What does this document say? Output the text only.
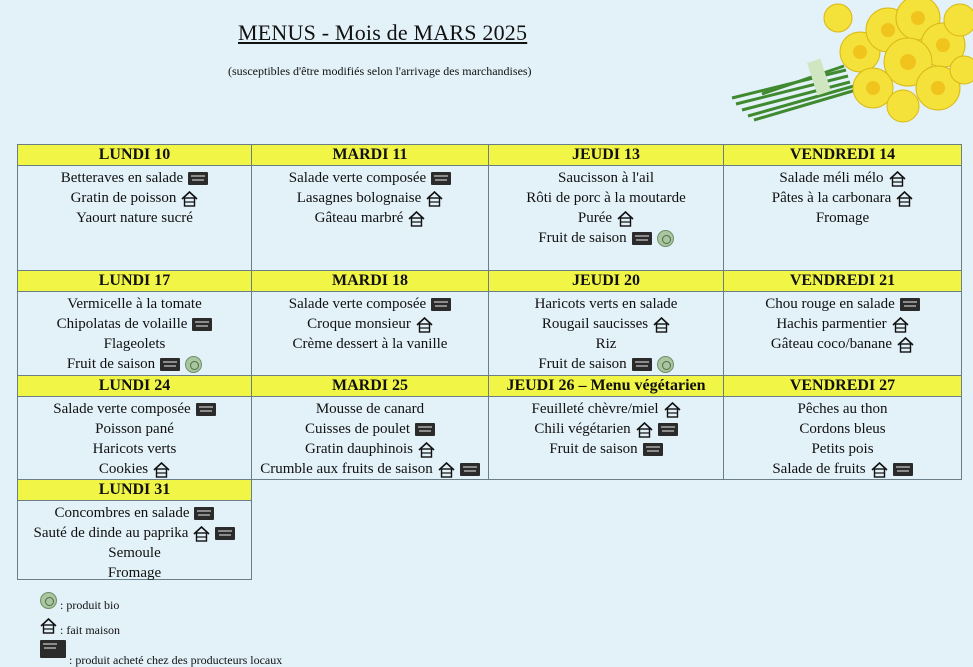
MENUS - Mois de MARS 2025
(susceptibles d'être modifiés selon l'arrivage des marchandises)
LUNDI 10
Betteraves en salade
Gratin de poisson
Yaourt nature sucré
MARDI 11
Salade verte composée
Lasagnes bolognaise
Gâteau marbré
JEUDI 13
Saucisson à l'ail
Rôti de porc à la moutarde
Purée
Fruit de saison
VENDREDI 14
Salade méli mélo
Pâtes à la carbonara
Fromage
LUNDI 17
Vermicelle à la tomate
Chipolatas de volaille
Flageolets
Fruit de saison
MARDI 18
Salade verte composée
Croque monsieur
Crème dessert à la vanille
JEUDI 20
Haricots verts en salade
Rougail saucisses
Riz
Fruit de saison
VENDREDI 21
Chou rouge en salade
Hachis parmentier
Gâteau coco/banane
LUNDI 24
Salade verte composée
Poisson pané
Haricots verts
Cookies
MARDI 25
Mousse de canard
Cuisses de poulet
Gratin dauphinois
Crumble aux fruits de saison
JEUDI 26 – Menu végétarien
Feuilleté chèvre/miel
Chili végétarien
Fruit de saison
VENDREDI 27
Pêches au thon
Cordons bleus
Petits pois
Salade de fruits
LUNDI 31
Concombres en salade
Sauté de dinde au paprika
Semoule
Fromage
: produit bio
: fait maison
: produit acheté chez des producteurs locaux
